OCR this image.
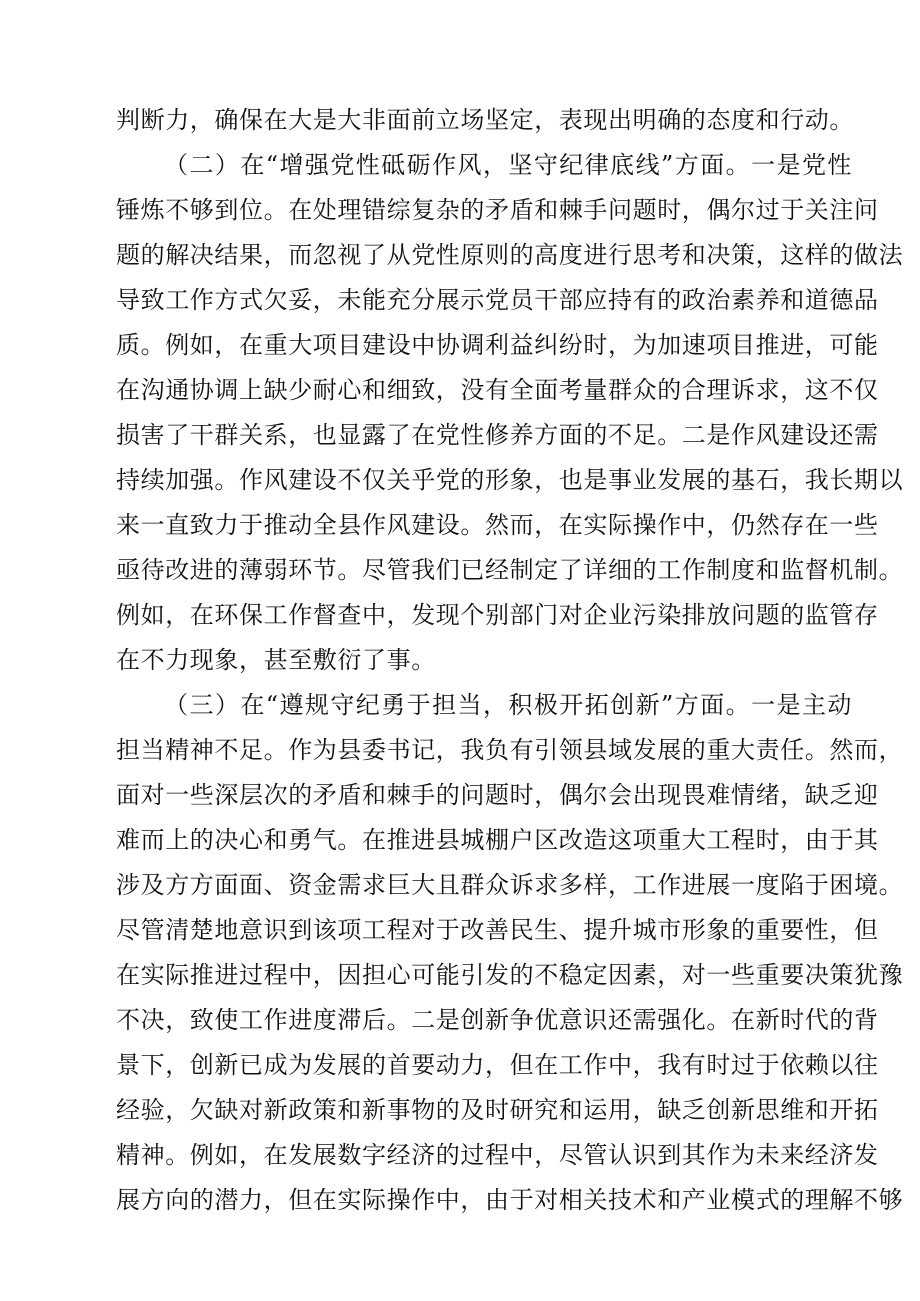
判断力，确保在大是大非面前立场坚定，表现出明确的态度和行动。
（二）在“增强党性砥砺作风，坚守纪律底线”方面。一是党性
锤炼不够到位。在处理错综复杂的矛盾和棘手问题时，偶尔过于关注问
题的解决结果，而忽视了从党性原则的高度进行思考和决策，这样的做法
导致工作方式欠妥，未能充分展示党员干部应持有的政治素养和道德品
质。例如，在重大项目建设中协调利益纠纷时，为加速项目推进，可能
在沟通协调上缺少耐心和细致，没有全面考量群众的合理诉求，这不仅
损害了干群关系，也显露了在党性修养方面的不足。二是作风建设还需
持续加强。作风建设不仅关乎党的形象，也是事业发展的基石，我长期以
来一直致力于推动全县作风建设。然而，在实际操作中，仍然存在一些
亟待改进的薄弱环节。尽管我们已经制定了详细的工作制度和监督机制。
例如，在环保工作督查中，发现个别部门对企业污染排放问题的监管存
在不力现象，甚至敷衍了事。
（三）在“遵规守纪勇于担当，积极开拓创新”方面。一是主动
担当精神不足。作为县委书记，我负有引领县域发展的重大责任。然而，
面对一些深层次的矛盾和棘手的问题时，偶尔会出现畏难情绪，缺乏迎
难而上的决心和勇气。在推进县城棚户区改造这项重大工程时，由于其
涉及方方面面、资金需求巨大且群众诉求多样，工作进展一度陷于困境。
尽管清楚地意识到该项工程对于改善民生、提升城市形象的重要性，但
在实际推进过程中，因担心可能引发的不稳定因素，对一些重要决策犹豫
不决，致使工作进度滞后。二是创新争优意识还需强化。在新时代的背
景下，创新已成为发展的首要动力，但在工作中，我有时过于依赖以往
经验，欠缺对新政策和新事物的及时研究和运用，缺乏创新思维和开拓
精神。例如，在发展数字经济的过程中，尽管认识到其作为未来经济发
展方向的潜力，但在实际操作中，由于对相关技术和产业模式的理解不够
